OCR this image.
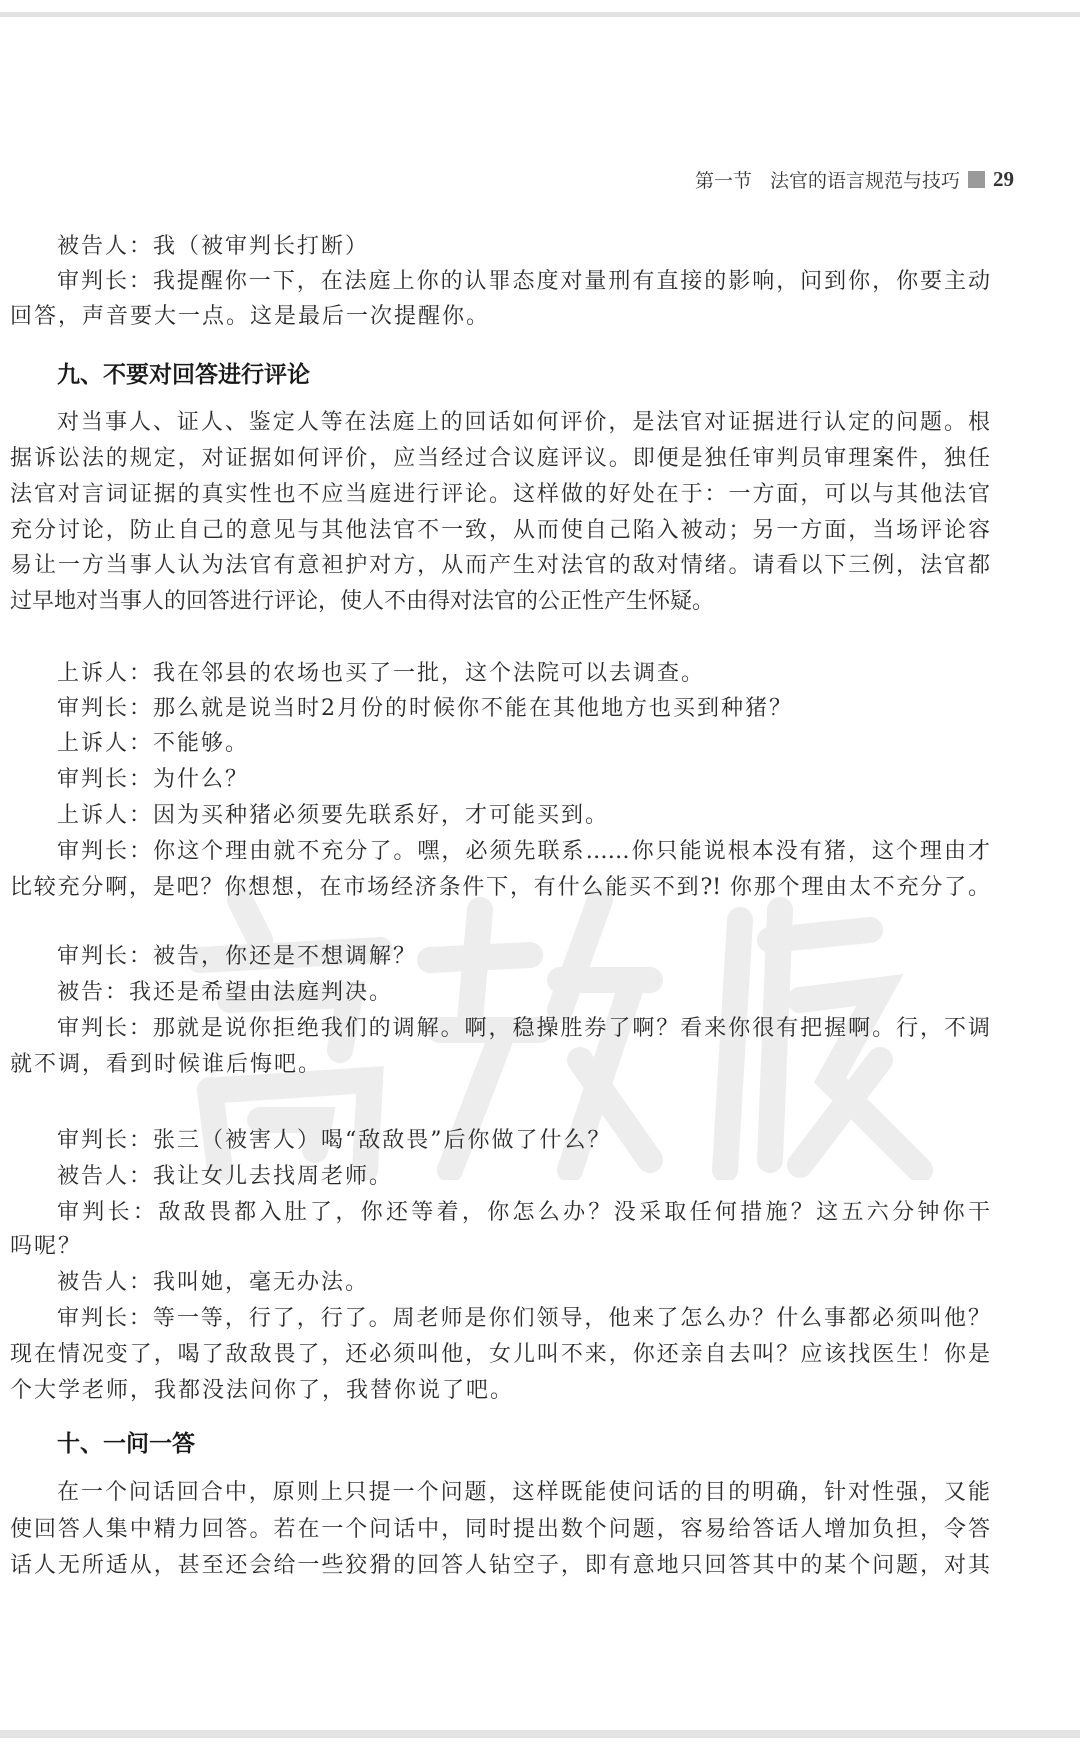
第一节 法官的语言规范与技巧 29
被告人：我（被审判长打断）
审判长：我提醒你一下，在法庭上你的认罪态度对量刑有直接的影响，问到你，你要主动
回答，声音要大一点。这是最后一次提醒你。
九、不要对回答进行评论
对当事人、证人、鉴定人等在法庭上的回话如何评价，是法官对证据进行认定的问题。根
据诉讼法的规定，对证据如何评价，应当经过合议庭评议。即便是独任审判员审理案件，独任
法官对言词证据的真实性也不应当庭进行评论。这样做的好处在于：一方面，可以与其他法官
充分讨论，防止自己的意见与其他法官不一致，从而使自己陷入被动；另一方面，当场评论容
易让一方当事人认为法官有意袒护对方，从而产生对法官的敌对情绪。请看以下三例，法官都
过早地对当事人的回答进行评论，使人不由得对法官的公正性产生怀疑。
上诉人：我在邻县的农场也买了一批，这个法院可以去调查。
审判长：那么就是说当时2月份的时候你不能在其他地方也买到种猪？
上诉人：不能够。
审判长：为什么？
上诉人：因为买种猪必须要先联系好，才可能买到。
审判长：你这个理由就不充分了。嘿，必须先联系……你只能说根本没有猪，这个理由才
比较充分啊，是吧？你想想，在市场经济条件下，有什么能买不到?! 你那个理由太不充分了。
审判长：被告，你还是不想调解？
被告：我还是希望由法庭判决。
审判长：那就是说你拒绝我们的调解。啊，稳操胜券了啊？看来你很有把握啊。行，不调
就不调，看到时候谁后悔吧。
审判长：张三（被害人）喝“敌敌畏”后你做了什么？
被告人：我让女儿去找周老师。
审判长：敌敌畏都入肚了，你还等着，你怎么办？没采取任何措施？这五六分钟你干
吗呢？
被告人：我叫她，毫无办法。
审判长：等一等，行了，行了。周老师是你们领导，他来了怎么办？什么事都必须叫他？
现在情况变了，喝了敌敌畏了，还必须叫他，女儿叫不来，你还亲自去叫？应该找医生！你是
个大学老师，我都没法问你了，我替你说了吧。
十、一问一答
在一个问话回合中，原则上只提一个问题，这样既能使问话的目的明确，针对性强，又能
使回答人集中精力回答。若在一个问话中，同时提出数个问题，容易给答话人增加负担，令答
话人无所适从，甚至还会给一些狡猾的回答人钻空子，即有意地只回答其中的某个问题，对其
